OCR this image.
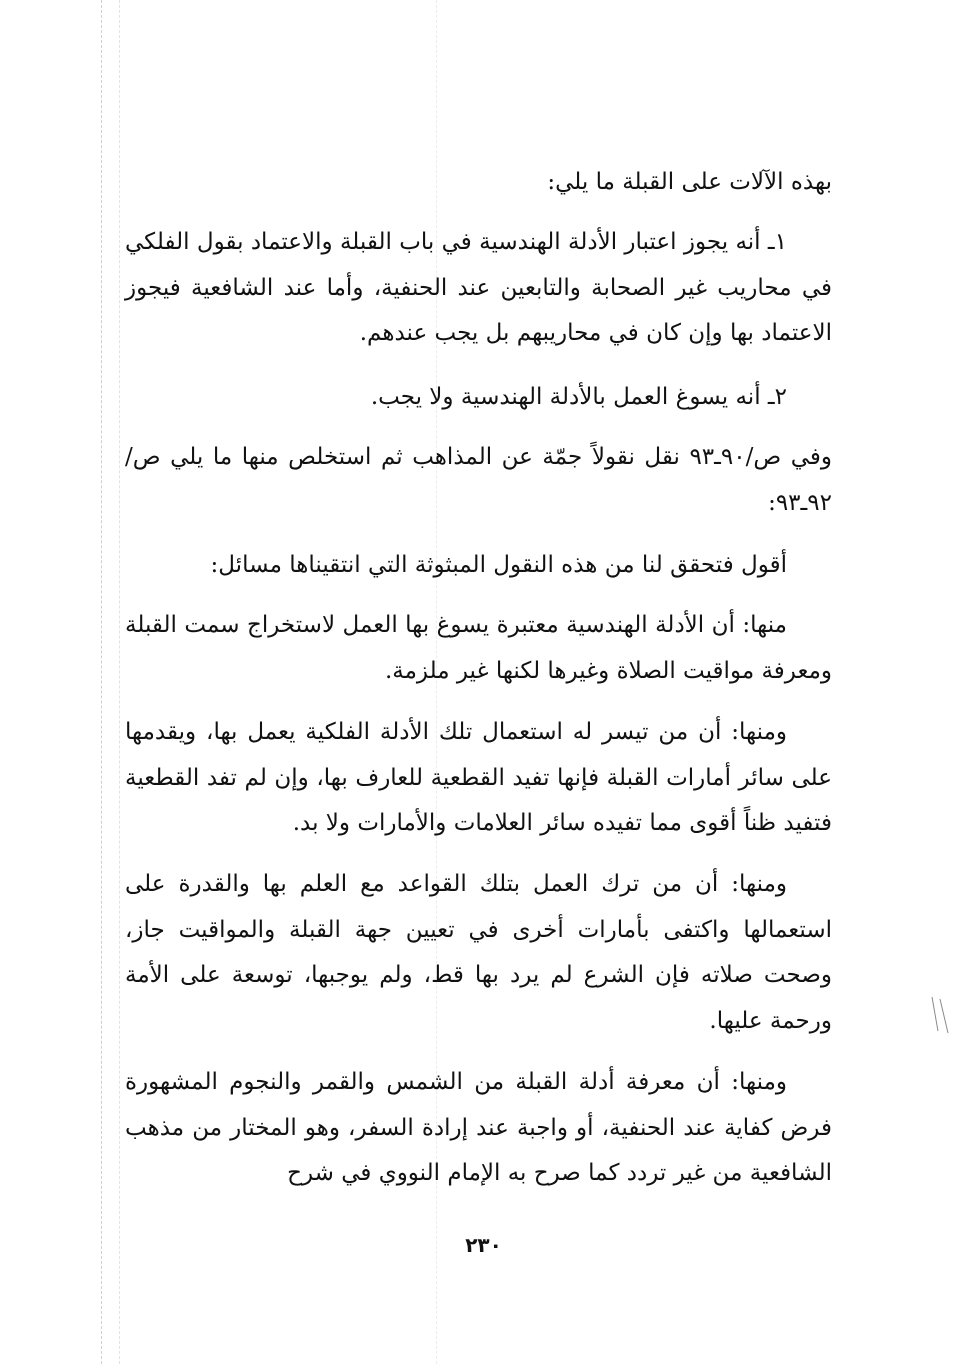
بهذه الآلات على القبلة ما يلي:

١ـ أنه يجوز اعتبار الأدلة الهندسية في باب القبلة والاعتماد بقول الفلكي في محاريب غير الصحابة والتابعين عند الحنفية، وأما عند الشافعية فيجوز الاعتماد بها وإن كان في محاريبهم بل يجب عندهم.

٢ـ أنه يسوغ العمل بالأدلة الهندسية ولا يجب.

وفي ص/٩٠ـ٩٣ نقل نقولاً جمّة عن المذاهب ثم استخلص منها ما يلي ص/٩٢ـ٩٣:

أقول فتحقق لنا من هذه النقول المبثوثة التي انتقيناها مسائل:

منها: أن الأدلة الهندسية معتبرة يسوغ بها العمل لاستخراج سمت القبلة ومعرفة مواقيت الصلاة وغيرها لكنها غير ملزمة.

ومنها: أن من تيسر له استعمال تلك الأدلة الفلكية يعمل بها، ويقدمها على سائر أمارات القبلة فإنها تفيد القطعية للعارف بها، وإن لم تفد القطعية فتفيد ظناً أقوى مما تفيده سائر العلامات والأمارات ولا بد.

ومنها: أن من ترك العمل بتلك القواعد مع العلم بها والقدرة على استعمالها واكتفى بأمارات أخرى في تعيين جهة القبلة والمواقيت جاز، وصحت صلاته فإن الشرع لم يرد بها قط، ولم يوجبها، توسعة على الأمة ورحمة عليها.

ومنها: أن معرفة أدلة القبلة من الشمس والقمر والنجوم المشهورة فرض كفاية عند الحنفية، أو واجبة عند إرادة السفر، وهو المختار من مذهب الشافعية من غير تردد كما صرح به الإمام النووي في شرح

٢٣٠
